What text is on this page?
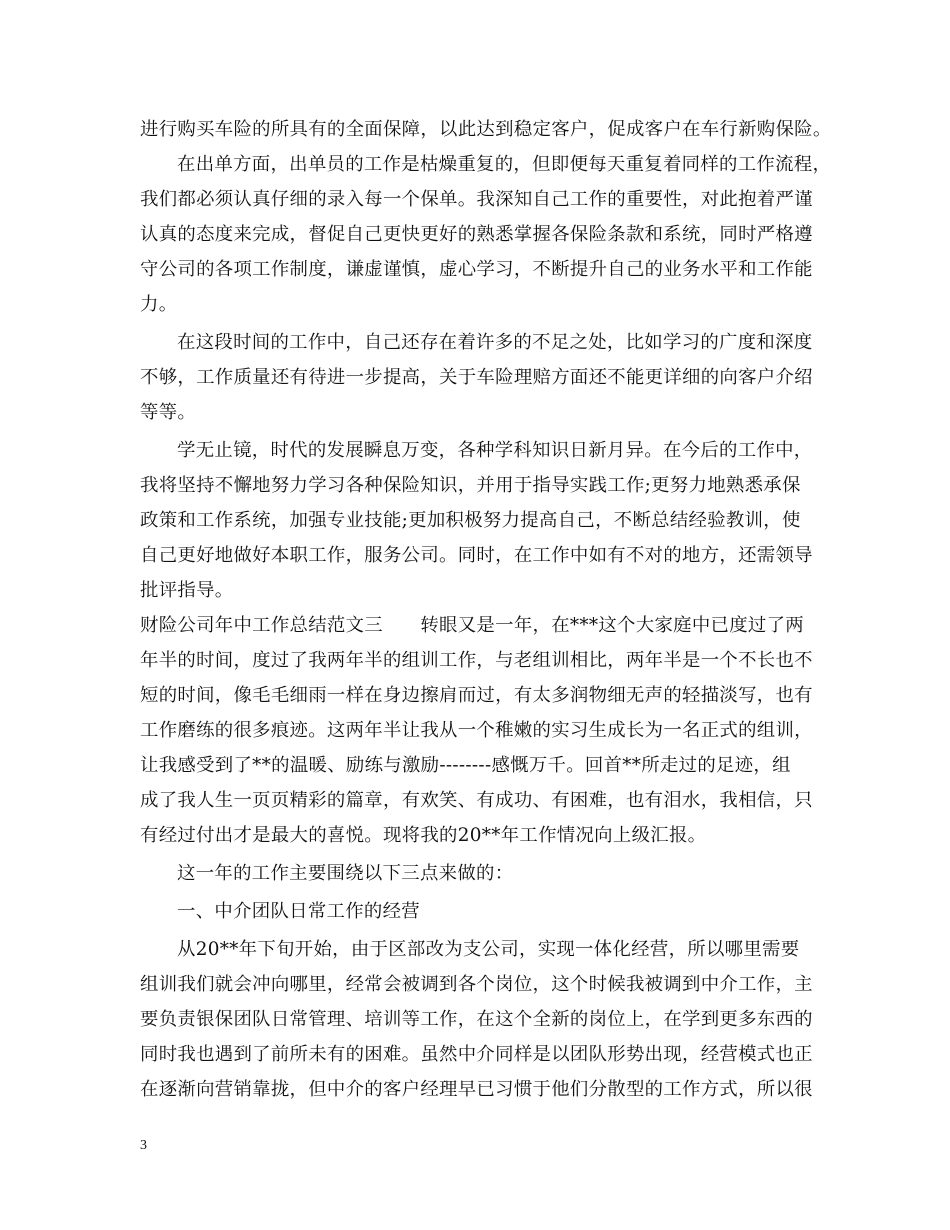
进行购买车险的所具有的全面保障，以此达到稳定客户，促成客户在车行新购保险。
在出单方面，出单员的工作是枯燥重复的，但即便每天重复着同样的工作流程，
我们都必须认真仔细的录入每一个保单。我深知自己工作的重要性，对此抱着严谨
认真的态度来完成，督促自己更快更好的熟悉掌握各保险条款和系统，同时严格遵
守公司的各项工作制度，谦虚谨慎，虚心学习，不断提升自己的业务水平和工作能
力。
在这段时间的工作中，自己还存在着许多的不足之处，比如学习的广度和深度
不够，工作质量还有待进一步提高，关于车险理赔方面还不能更详细的向客户介绍
等等。
学无止镜，时代的发展瞬息万变，各种学科知识日新月异。在今后的工作中，
我将坚持不懈地努力学习各种保险知识，并用于指导实践工作;更努力地熟悉承保
政策和工作系统，加强专业技能;更加积极努力提高自己，不断总结经验教训，使
自己更好地做好本职工作，服务公司。同时，在工作中如有不对的地方，还需领导
批评指导。
财险公司年中工作总结范文三　　转眼又是一年，在***这个大家庭中已度过了两
年半的时间，度过了我两年半的组训工作，与老组训相比，两年半是一个不长也不
短的时间，像毛毛细雨一样在身边擦肩而过，有太多润物细无声的轻描淡写，也有
工作磨练的很多痕迹。这两年半让我从一个稚嫩的实习生成长为一名正式的组训，
让我感受到了**的温暖、励练与激励--------感慨万千。回首**所走过的足迹，组
成了我人生一页页精彩的篇章，有欢笑、有成功、有困难，也有泪水，我相信，只
有经过付出才是最大的喜悦。现将我的20**年工作情况向上级汇报。
这一年的工作主要围绕以下三点来做的：
一、中介团队日常工作的经营
从20**年下旬开始，由于区部改为支公司，实现一体化经营，所以哪里需要
组训我们就会冲向哪里，经常会被调到各个岗位，这个时候我被调到中介工作，主
要负责银保团队日常管理、培训等工作，在这个全新的岗位上，在学到更多东西的
同时我也遇到了前所未有的困难。虽然中介同样是以团队形势出现，经营模式也正
在逐渐向营销靠拢，但中介的客户经理早已习惯于他们分散型的工作方式，所以很
3
